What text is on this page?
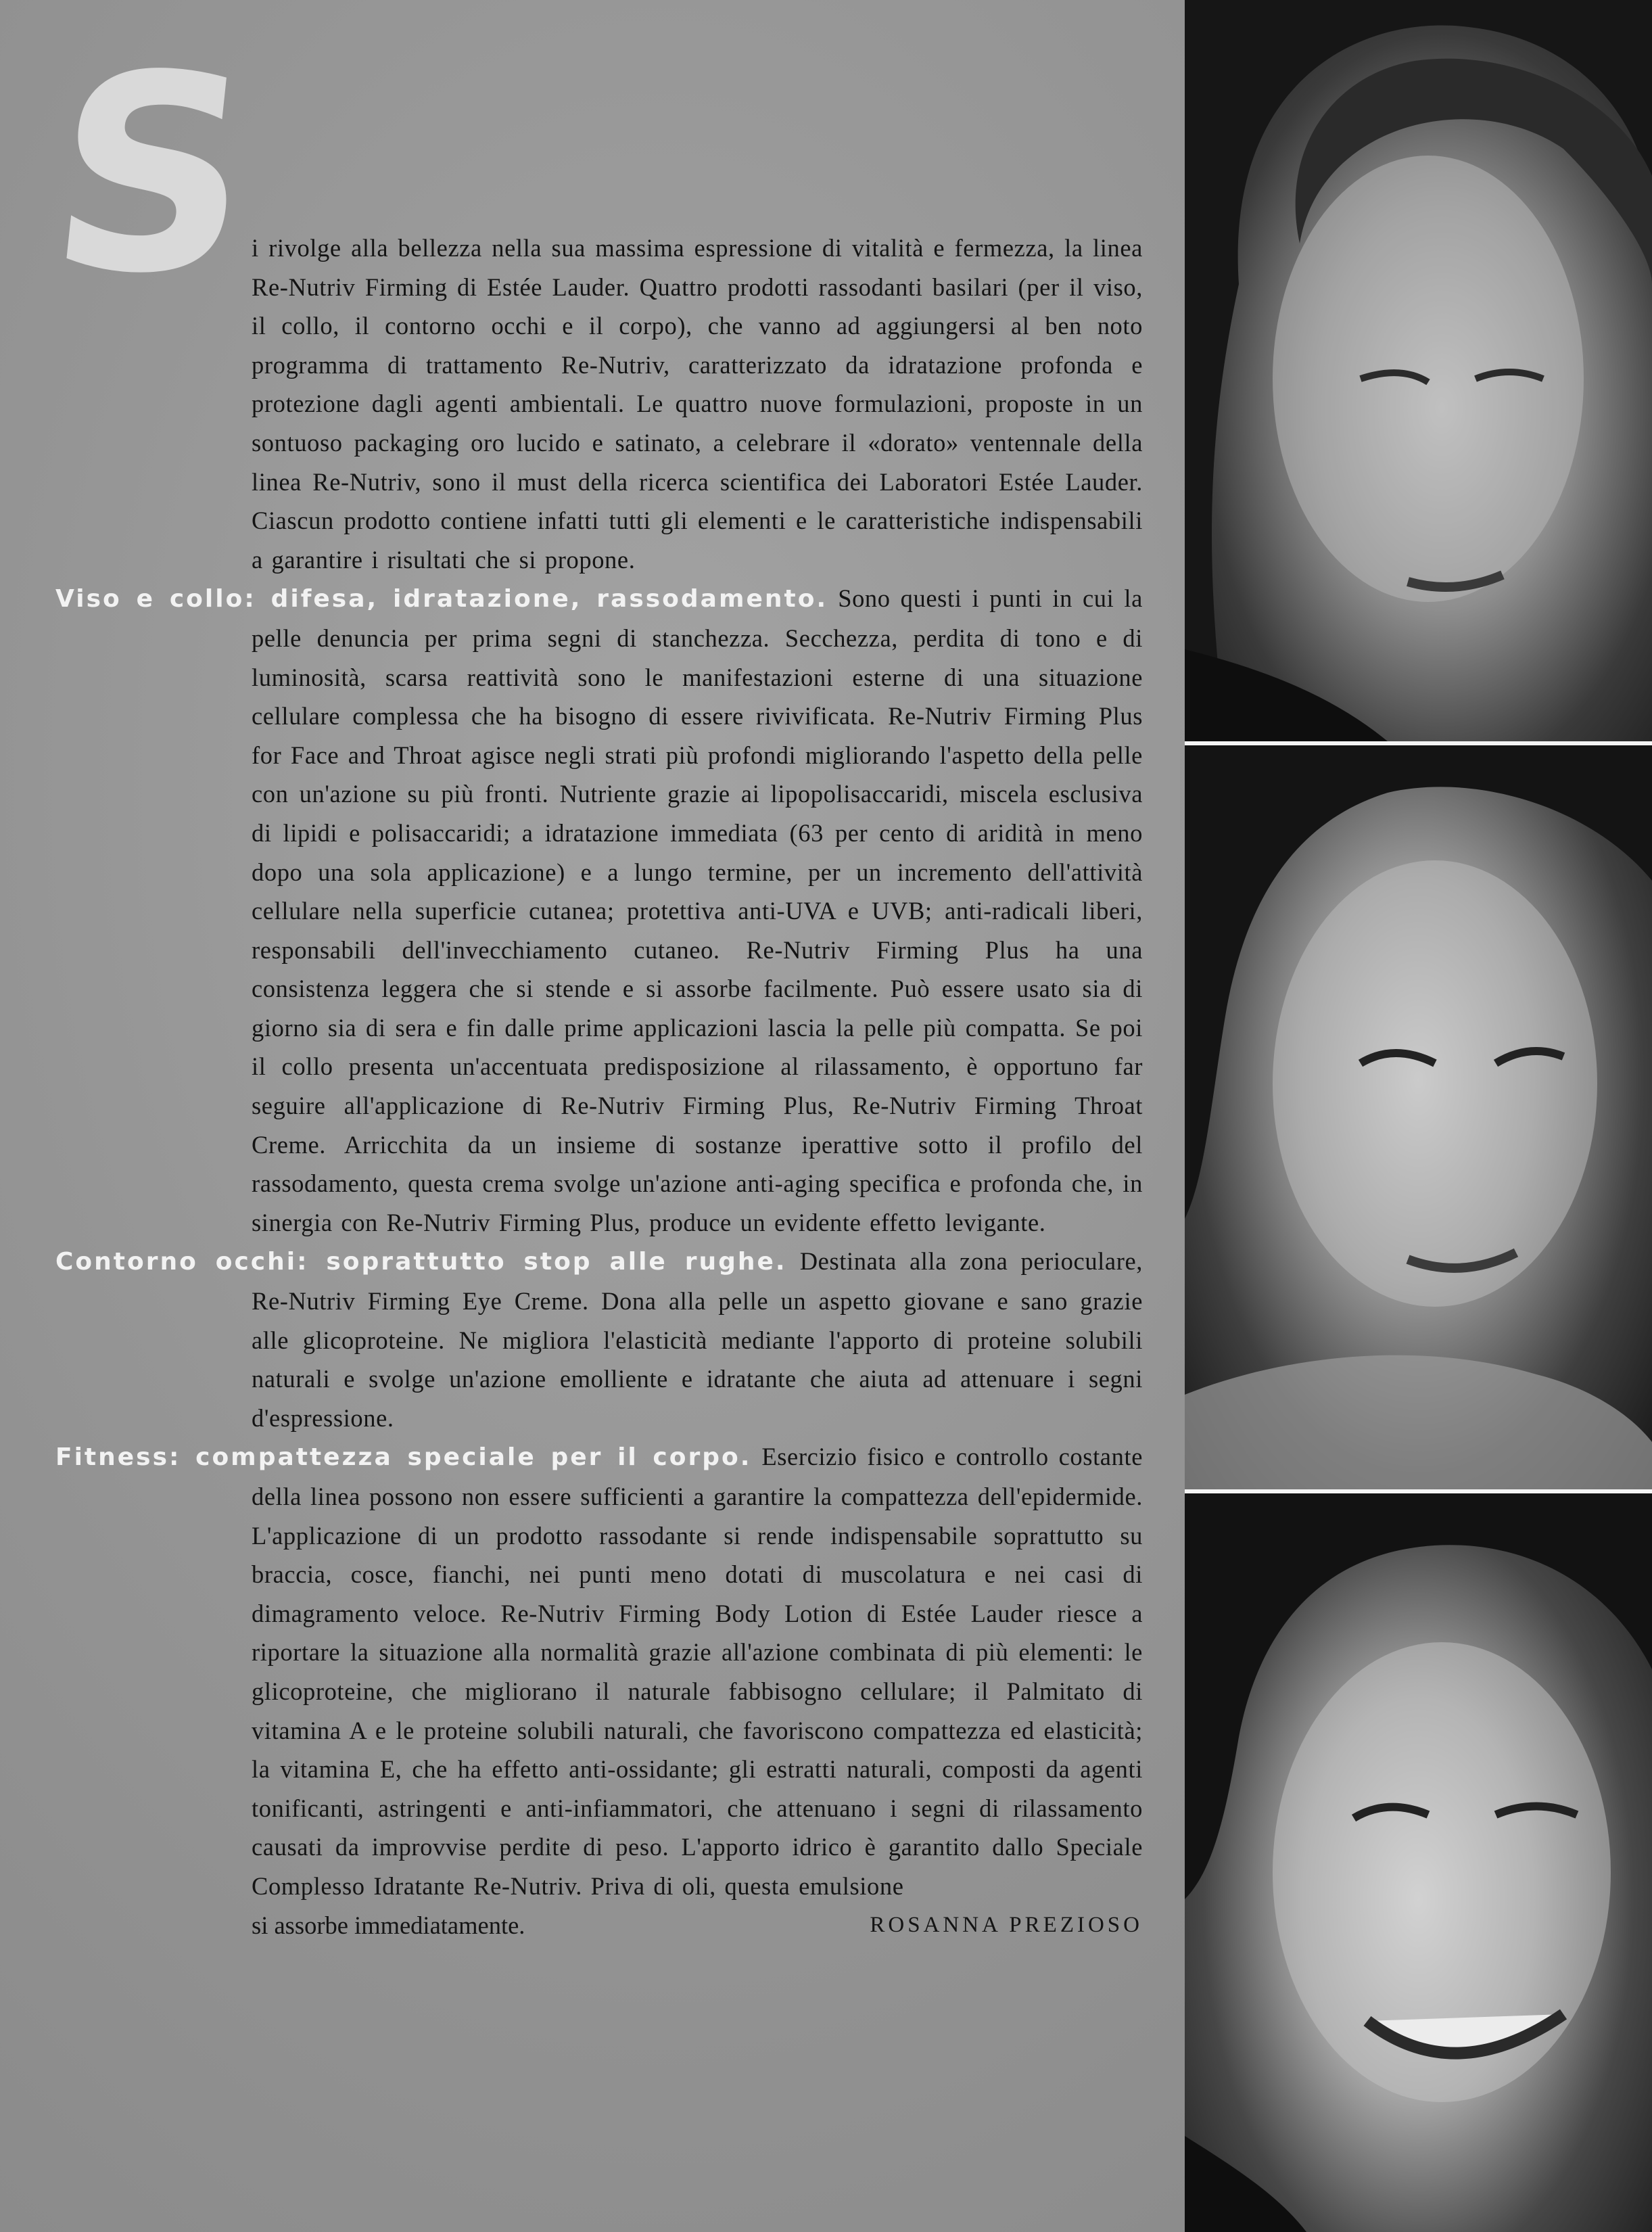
S

i rivolge alla bellezza nella sua massima espressione di vitalità e fermezza, la linea Re-Nutriv Firming di Estée Lauder. Quattro prodotti rassodanti basilari (per il viso, il collo, il contorno occhi e il corpo), che vanno ad aggiungersi al ben noto programma di trattamento Re-Nutriv, caratterizzato da idratazione profonda e protezione dagli agenti ambientali. Le quattro nuove formulazioni, proposte in un sontuoso packaging oro lucido e satinato, a celebrare il «dorato» ventennale della linea Re-Nutriv, sono il must della ricerca scientifica dei Laboratori Estée Lauder. Ciascun prodotto contiene infatti tutti gli elementi e le caratteristiche indispensabili a garantire i risultati che si propone.

Viso e collo: difesa, idratazione, rassodamento. Sono questi i punti in cui la pelle denuncia per prima segni di stanchezza. Secchezza, perdita di tono e di luminosità, scarsa reattività sono le manifestazioni esterne di una situazione cellulare complessa che ha bisogno di essere rivivificata. Re-Nutriv Firming Plus for Face and Throat agisce negli strati più profondi migliorando l'aspetto della pelle con un'azione su più fronti. Nutriente grazie ai lipopolisaccaridi, miscela esclusiva di lipidi e polisaccaridi; a idratazione immediata (63 per cento di aridità in meno dopo una sola applicazione) e a lungo termine, per un incremento dell'attività cellulare nella superficie cutanea; protettiva anti-UVA e UVB; anti-radicali liberi, responsabili dell'invecchiamento cutaneo. Re-Nutriv Firming Plus ha una consistenza leggera che si stende e si assorbe facilmente. Può essere usato sia di giorno sia di sera e fin dalle prime applicazioni lascia la pelle più compatta. Se poi il collo presenta un'accentuata predisposizione al rilassamento, è opportuno far seguire all'applicazione di Re-Nutriv Firming Plus, Re-Nutriv Firming Throat Creme. Arricchita da un insieme di sostanze iperattive sotto il profilo del rassodamento, questa crema svolge un'azione anti-aging specifica e profonda che, in sinergia con Re-Nutriv Firming Plus, produce un evidente effetto levigante.

Contorno occhi: soprattutto stop alle rughe. Destinata alla zona perioculare, Re-Nutriv Firming Eye Creme. Dona alla pelle un aspetto giovane e sano grazie alle glicoproteine. Ne migliora l'elasticità mediante l'apporto di proteine solubili naturali e svolge un'azione emolliente e idratante che aiuta ad attenuare i segni d'espressione.

Fitness: compattezza speciale per il corpo. Esercizio fisico e controllo costante della linea possono non essere sufficienti a garantire la compattezza dell'epidermide. L'applicazione di un prodotto rassodante si rende indispensabile soprattutto su braccia, cosce, fianchi, nei punti meno dotati di muscolatura e nei casi di dimagramento veloce. Re-Nutriv Firming Body Lotion di Estée Lauder riesce a riportare la situazione alla normalità grazie all'azione combinata di più elementi: le glicoproteine, che migliorano il naturale fabbisogno cellulare; il Palmitato di vitamina A e le proteine solubili naturali, che favoriscono compattezza ed elasticità; la vitamina E, che ha effetto anti-ossidante; gli estratti naturali, composti da agenti tonificanti, astringenti e anti-infiammatori, che attenuano i segni di rilassamento causati da improvvise perdite di peso. L'apporto idrico è garantito dallo Speciale Complesso Idratante Re-Nutriv. Priva di oli, questa emulsione

si assorbe immediatamente.	ROSANNA PREZIOSO
